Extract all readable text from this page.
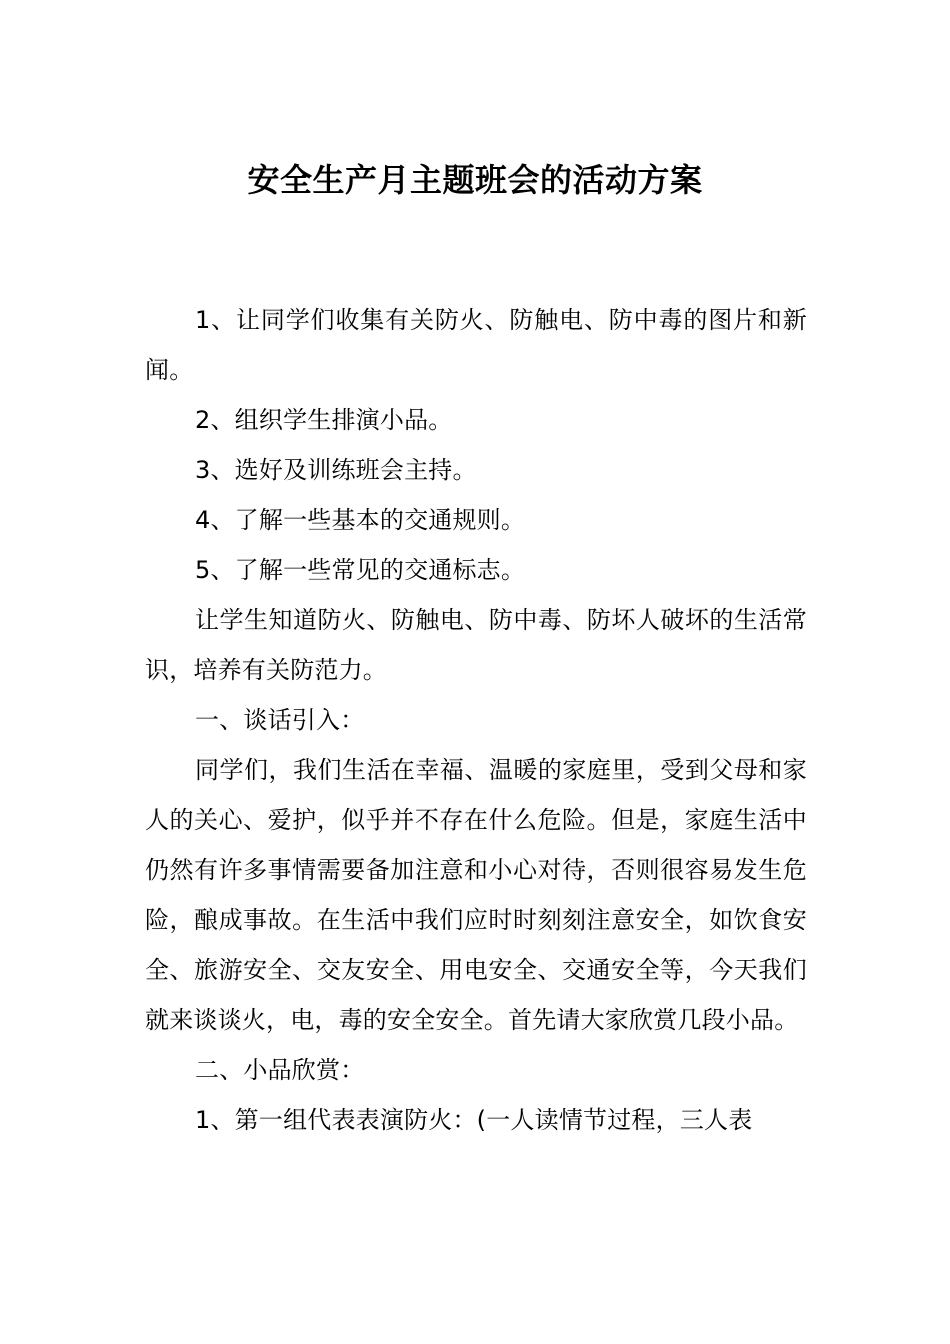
安全生产月主题班会的活动方案

1、让同学们收集有关防火、防触电、防中毒的图片和新闻。

2、组织学生排演小品。

3、选好及训练班会主持。

4、了解一些基本的交通规则。

5、了解一些常见的交通标志。

让学生知道防火、防触电、防中毒、防坏人破坏的生活常识，培养有关防范力。

一、谈话引入：

同学们，我们生活在幸福、温暖的家庭里，受到父母和家人的关心、爱护，似乎并不存在什么危险。但是，家庭生活中仍然有许多事情需要备加注意和小心对待，否则很容易发生危险，酿成事故。在生活中我们应时时刻刻注意安全，如饮食安全、旅游安全、交友安全、用电安全、交通安全等，今天我们就来谈谈火，电，毒的安全安全。首先请大家欣赏几段小品。

二、小品欣赏：

1、第一组代表表演防火：(一人读情节过程，三人表
